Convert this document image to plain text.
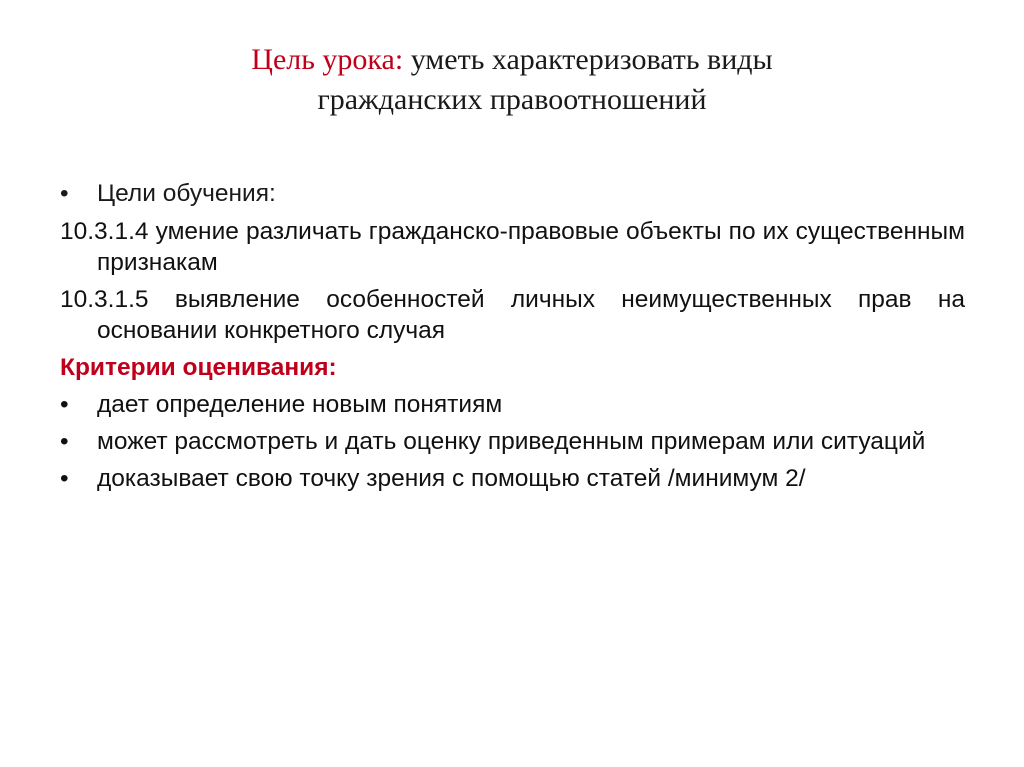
Цель урока: уметь характеризовать виды
гражданских правоотношений
•	Цели обучения:
10.3.1.4 умение различать гражданско-правовые объекты по их существенным признакам
10.3.1.5 выявление особенностей личных неимущественных прав на основании конкретного случая
Критерии оценивания:
•	дает определение новым понятиям
•	может рассмотреть и дать оценку приведенным примерам или ситуаций
•	доказывает свою точку зрения с помощью статей /минимум 2/
